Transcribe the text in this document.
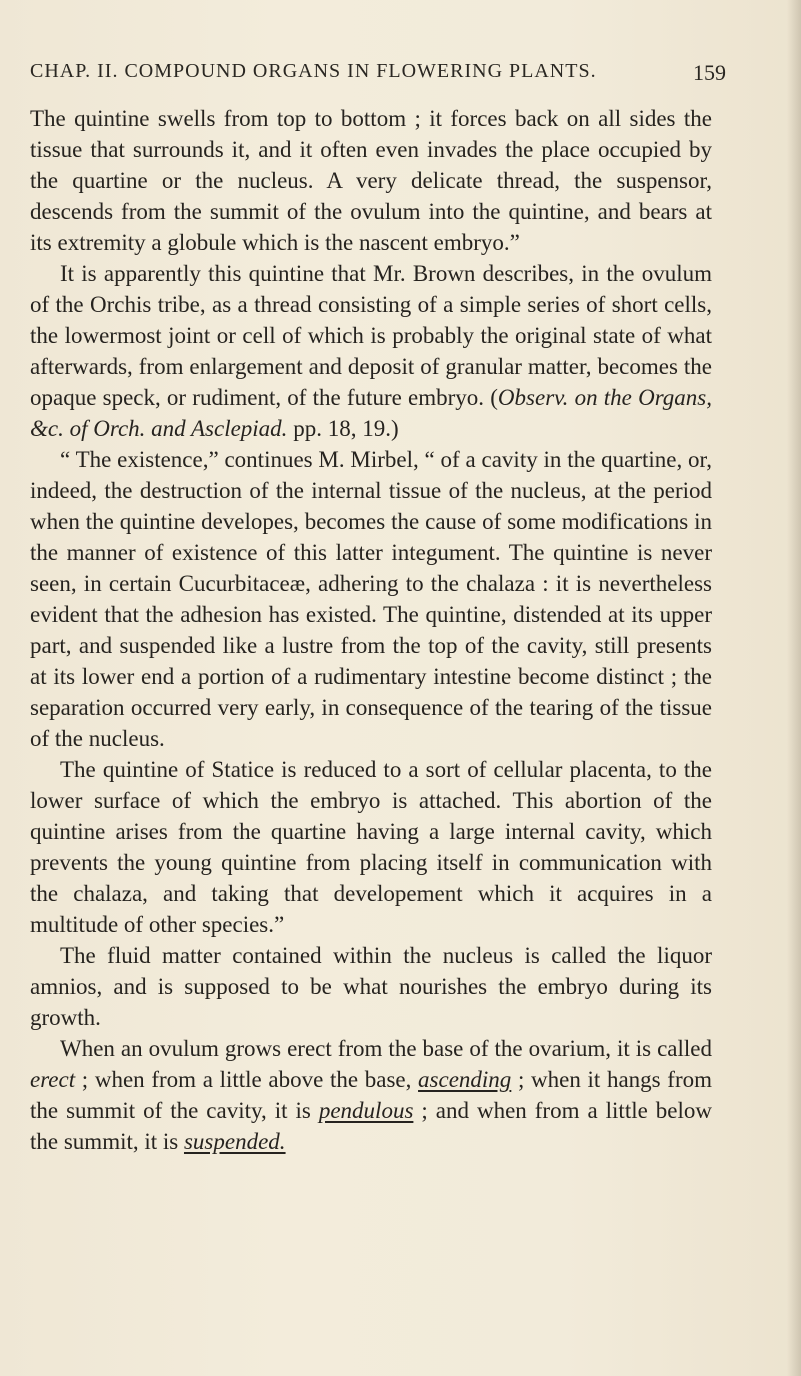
CHAP. II. COMPOUND ORGANS IN FLOWERING PLANTS.	159

The quintine swells from top to bottom ; it forces back on all sides the tissue that surrounds it, and it often even invades the place occupied by the quartine or the nucleus. A very delicate thread, the suspensor, descends from the summit of the ovulum into the quintine, and bears at its extremity a globule which is the nascent embryo.”

It is apparently this quintine that Mr. Brown describes, in the ovulum of the Orchis tribe, as a thread consisting of a simple series of short cells, the lowermost joint or cell of which is probably the original state of what afterwards, from enlargement and deposit of granular matter, becomes the opaque speck, or rudiment, of the future embryo. (Observ. on the Organs, &c. of Orch. and Asclepiad. pp. 18, 19.)

“ The existence,” continues M. Mirbel, “ of a cavity in the quartine, or, indeed, the destruction of the internal tissue of the nucleus, at the period when the quintine developes, becomes the cause of some modifications in the manner of existence of this latter integument. The quintine is never seen, in certain Cucurbitaceæ, adhering to the chalaza : it is nevertheless evident that the adhesion has existed. The quintine, distended at its upper part, and suspended like a lustre from the top of the cavity, still presents at its lower end a portion of a rudimentary intestine become distinct ; the separation occurred very early, in consequence of the tearing of the tissue of the nucleus.

The quintine of Statice is reduced to a sort of cellular placenta, to the lower surface of which the embryo is attached. This abortion of the quintine arises from the quartine having a large internal cavity, which prevents the young quintine from placing itself in communication with the chalaza, and taking that developement which it acquires in a multitude of other species.”

The fluid matter contained within the nucleus is called the liquor amnios, and is supposed to be what nourishes the embryo during its growth.

When an ovulum grows erect from the base of the ovarium, it is called erect ; when from a little above the base, ascending ; when it hangs from the summit of the cavity, it is pendulous ; and when from a little below the summit, it is suspended.
